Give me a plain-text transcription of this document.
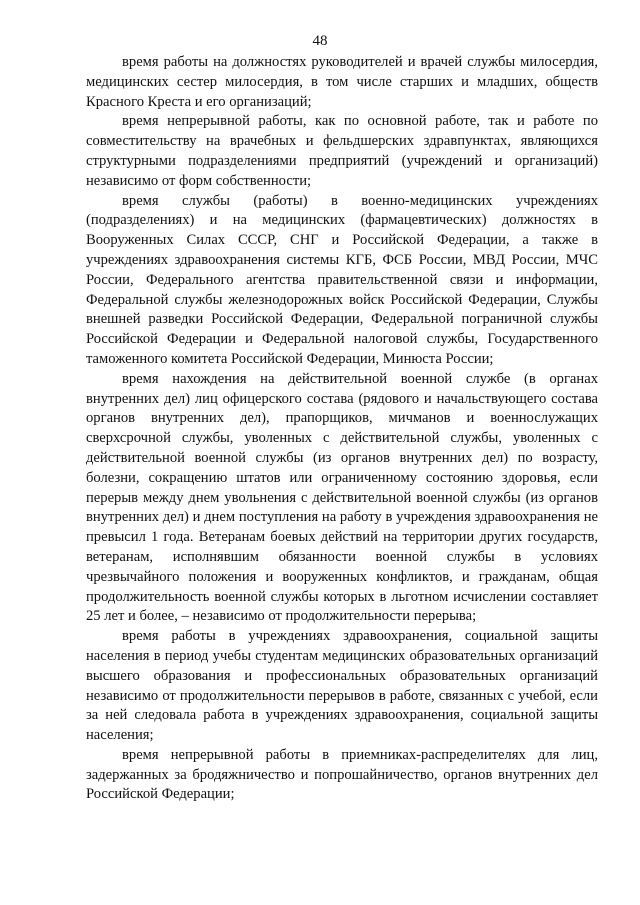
48

время работы на должностях руководителей и врачей службы милосердия, медицинских сестер милосердия, в том числе старших и младших, обществ Красного Креста и его организаций;

время непрерывной работы, как по основной работе, так и работе по совместительству на врачебных и фельдшерских здравпунктах, являющихся структурными подразделениями предприятий (учреждений и организаций) независимо от форм собственности;

время службы (работы) в военно-медицинских учреждениях (подразделениях) и на медицинских (фармацевтических) должностях в Вооруженных Силах СССР, СНГ и Российской Федерации, а также в учреждениях здравоохранения системы КГБ, ФСБ России, МВД России, МЧС России, Федерального агентства правительственной связи и информации, Федеральной службы железнодорожных войск Российской Федерации, Службы внешней разведки Российской Федерации, Федеральной пограничной службы Российской Федерации и Федеральной налоговой службы, Государственного таможенного комитета Российской Федерации, Минюста России;

время нахождения на действительной военной службе (в органах внутренних дел) лиц офицерского состава (рядового и начальствующего состава органов внутренних дел), прапорщиков, мичманов и военнослужащих сверхсрочной службы, уволенных с действительной службы, уволенных с действительной военной службы (из органов внутренних дел) по возрасту, болезни, сокращению штатов или ограниченному состоянию здоровья, если перерыв между днем увольнения с действительной военной службы (из органов внутренних дел) и днем поступления на работу в учреждения здравоохранения не превысил 1 года. Ветеранам боевых действий на территории других государств, ветеранам, исполнявшим обязанности военной службы в условиях чрезвычайного положения и вооруженных конфликтов, и гражданам, общая продолжительность военной службы которых в льготном исчислении составляет 25 лет и более, – независимо от продолжительности перерыва;

время работы в учреждениях здравоохранения, социальной защиты населения в период учебы студентам медицинских образовательных организаций высшего образования и профессиональных образовательных организаций независимо от продолжительности перерывов в работе, связанных с учебой, если за ней следовала работа в учреждениях здравоохранения, социальной защиты населения;

время непрерывной работы в приемниках-распределителях для лиц, задержанных за бродяжничество и попрошайничество, органов внутренних дел Российской Федерации;
